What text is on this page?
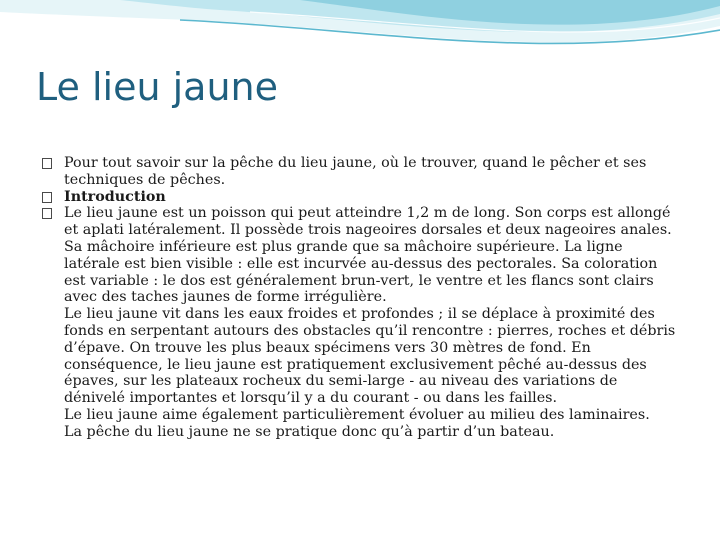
Le lieu jaune
Pour tout savoir sur la pêche du lieu jaune, où le trouver, quand le pêcher et ses techniques de pêches.
Introduction
Le lieu jaune est un poisson qui peut atteindre 1,2 m de long. Son corps est allongé et aplati latéralement. Il possède trois nageoires dorsales et deux nageoires anales. Sa mâchoire inférieure est plus grande que sa mâchoire supérieure. La ligne latérale est bien visible : elle est incurvée au-dessus des pectorales. Sa coloration est variable : le dos est généralement brun-vert, le ventre et les flancs sont clairs avec des taches jaunes de forme irrégulière.
Le lieu jaune vit dans les eaux froides et profondes ; il se déplace à proximité des fonds en serpentant autours des obstacles qu’il rencontre : pierres, roches et débris d’épave. On trouve les plus beaux spécimens vers 30 mètres de fond. En conséquence, le lieu jaune est pratiquement exclusivement pêché au-dessus des épaves, sur les plateaux rocheux du semi-large - au niveau des variations de dénivelé importantes et lorsqu’il y a du courant - ou dans les failles.
Le lieu jaune aime également particulièrement évoluer au milieu des laminaires.
La pêche du lieu jaune ne se pratique donc qu’à partir d’un bateau.
